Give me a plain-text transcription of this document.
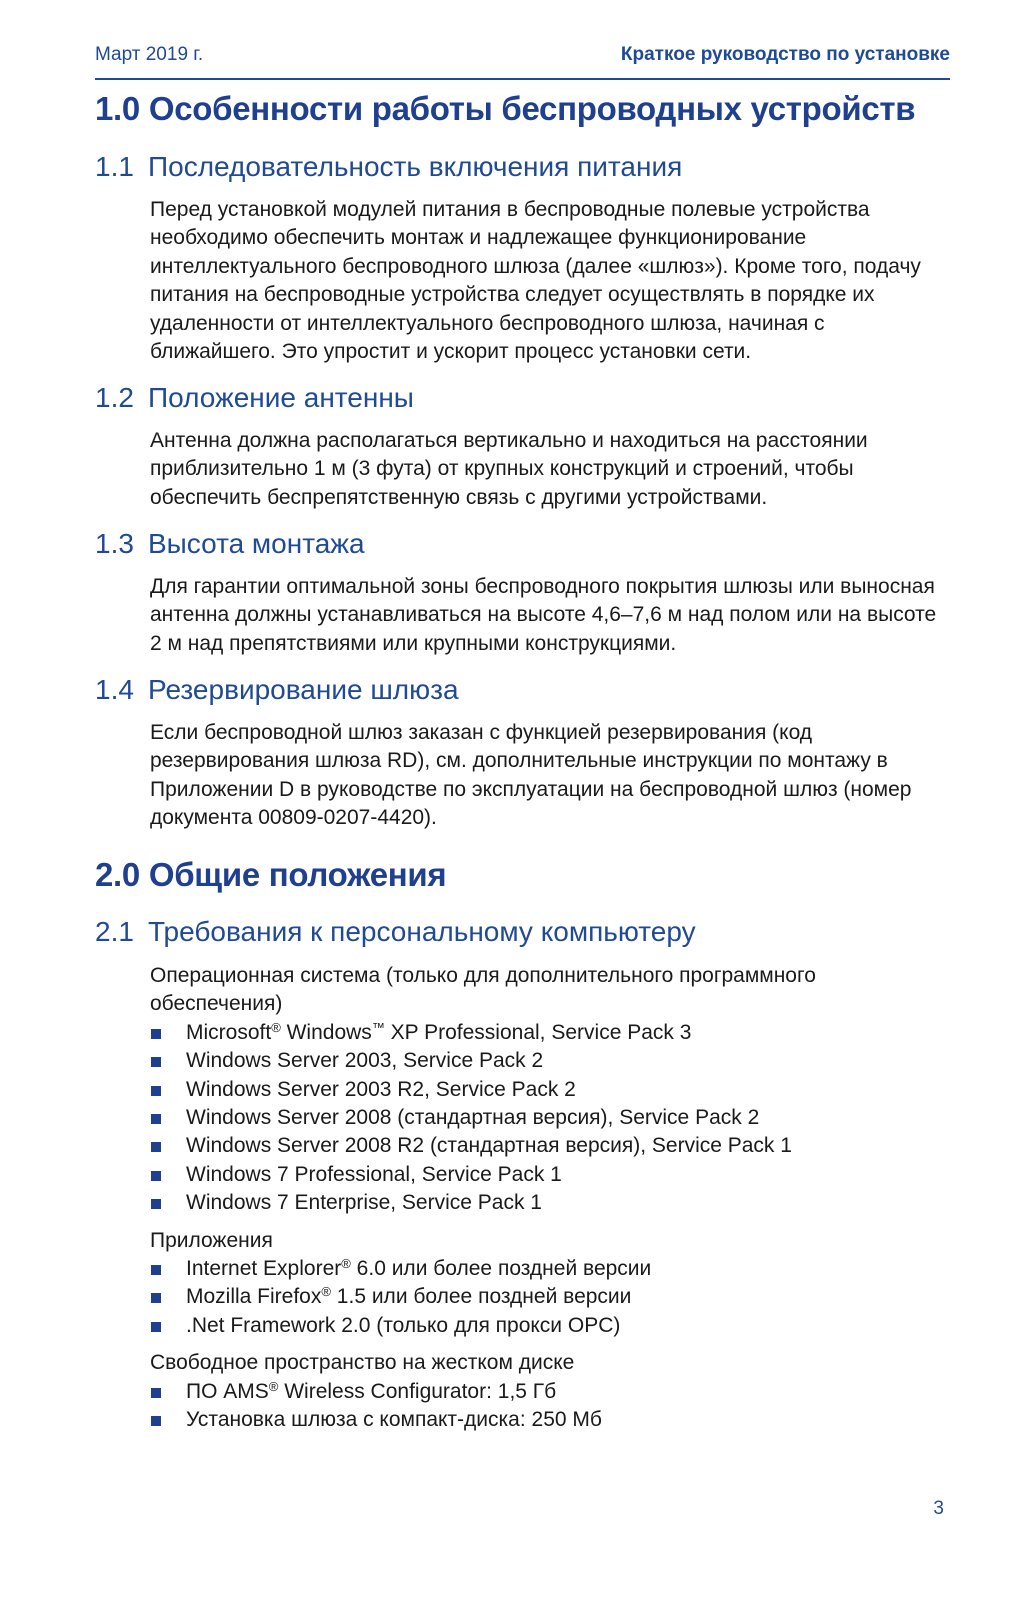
Март 2019 г.	Краткое руководство по установке
1.0 Особенности работы беспроводных устройств
1.1 Последовательность включения питания

Перед установкой модулей питания в беспроводные полевые устройства необходимо обеспечить монтаж и надлежащее функционирование интеллектуального беспроводного шлюза (далее «шлюз»). Кроме того, подачу питания на беспроводные устройства следует осуществлять в порядке их удаленности от интеллектуального беспроводного шлюза, начиная с ближайшего. Это упростит и ускорит процесс установки сети.

1.2 Положение антенны

Антенна должна располагаться вертикально и находиться на расстоянии приблизительно 1 м (3 фута) от крупных конструкций и строений, чтобы обеспечить беспрепятственную связь с другими устройствами.

1.3 Высота монтажа

Для гарантии оптимальной зоны беспроводного покрытия шлюзы или выносная антенна должны устанавливаться на высоте 4,6–7,6 м над полом или на высоте 2 м над препятствиями или крупными конструкциями.

1.4 Резервирование шлюза

Если беспроводной шлюз заказан с функцией резервирования (код резервирования шлюза RD), см. дополнительные инструкции по монтажу в Приложении D в руководстве по эксплуатации на беспроводной шлюз (номер документа 00809-0207-4420).

2.0 Общие положения
2.1 Требования к персональному компьютеру

Операционная система (только для дополнительного программного обеспечения)

Microsoft® Windows™ XP Professional, Service Pack 3
Windows Server 2003, Service Pack 2
Windows Server 2003 R2, Service Pack 2
Windows Server 2008 (стандартная версия), Service Pack 2
Windows Server 2008 R2 (стандартная версия), Service Pack 1
Windows 7 Professional, Service Pack 1
Windows 7 Enterprise, Service Pack 1

Приложения

Internet Explorer® 6.0 или более поздней версии
Mozilla Firefox® 1.5 или более поздней версии
.Net Framework 2.0 (только для прокси OPC)

Свободное пространство на жестком диске

ПО AMS® Wireless Configurator: 1,5 Гб
Установка шлюза с компакт-диска: 250 Мб
3
